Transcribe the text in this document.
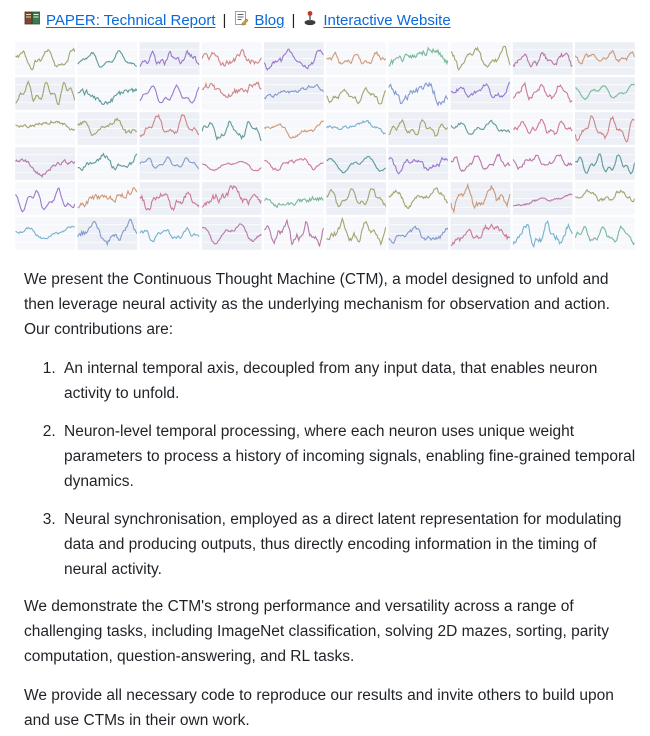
PAPER: Technical Report | Blog | Interactive Website

We present the Continuous Thought Machine (CTM), a model designed to unfold and then leverage neural activity as the underlying mechanism for observation and action. Our contributions are:

1. An internal temporal axis, decoupled from any input data, that enables neuron activity to unfold.
2. Neuron-level temporal processing, where each neuron uses unique weight parameters to process a history of incoming signals, enabling fine-grained temporal dynamics.
3. Neural synchronisation, employed as a direct latent representation for modulating data and producing outputs, thus directly encoding information in the timing of neural activity.

We demonstrate the CTM's strong performance and versatility across a range of challenging tasks, including ImageNet classification, solving 2D mazes, sorting, parity computation, question-answering, and RL tasks.

We provide all necessary code to reproduce our results and invite others to build upon and use CTMs in their own work.
